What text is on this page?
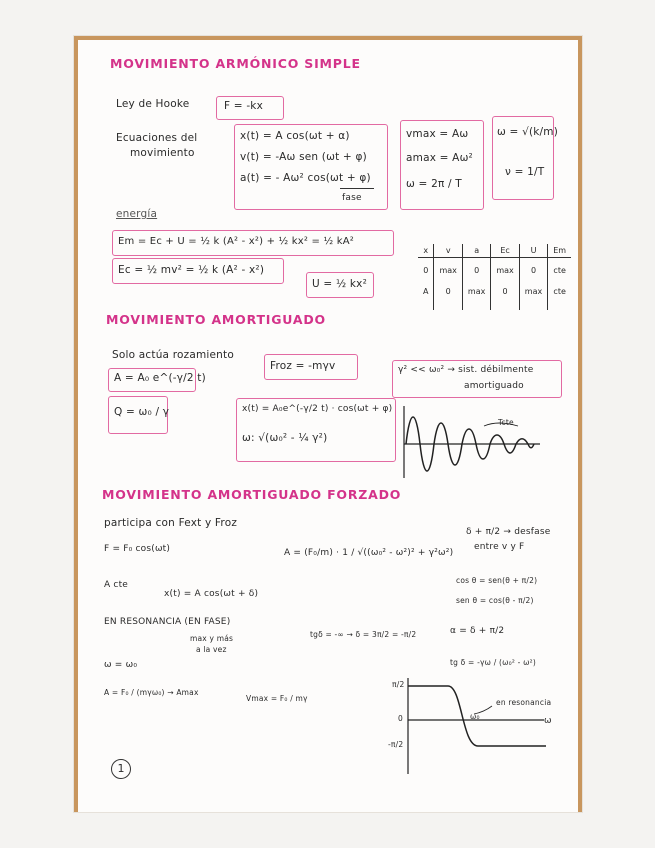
MOVIMIENTO ARMÓNICO SIMPLE
Ley de Hooke	F = -kx
Ecuaciones del
movimiento
x(t) = A cos(ωt + α)
v(t) = -Aω sen (ωt + φ)
a(t) = - Aω² cos(ωt + φ)
fase
vmax = Aω
amax = Aω²
ω = 2π / T
ω = √(k/m)
ν = 1/T
energía
Em = Ec + U = ½ k (A² - x²) + ½ kx² = ½ kA²
Ec = ½ mv² = ½ k (A² - x²)
U = ½ kx²
x	v	a	Ec	U	Em
0	max	0	max	0	cte
A	0	max	0	max	cte
MOVIMIENTO AMORTIGUADO
Solo actúa rozamiento
Froz = -mγv	γ² << ω₀² → sist. débilmente
amortiguado
A = A₀ e^(-γ/2 t)
Q = ω₀ / γ	x(t) = A₀e^(-γ/2 t) · cos(ωt + φ)
ω: √(ω₀² - ¼ γ²)
Tcte
MOVIMIENTO AMORTIGUADO FORZADO
participa con Fext y Froz
δ + π/2 → desfase
entre v y F
F = F₀ cos(ωt)	A = (F₀/m) · 1 / √((ω₀² - ω²)² + γ²ω²)
A cte
x(t) = A cos(ωt + δ)
cos θ = sen(θ + π/2)
sen θ = cos(θ - π/2)
EN RESONANCIA (EN FASE)
max y más
a la vez
tgδ = -∞ → δ = 3π/2 = -π/2	α = δ + π/2
tg δ = -γω / (ω₀² - ω²)
ω = ω₀
A = F₀ / (mγω₀) → Amax
Vmax = F₀ / mγ
π/2
0
-π/2
ω
ω₀
en resonancia
1
